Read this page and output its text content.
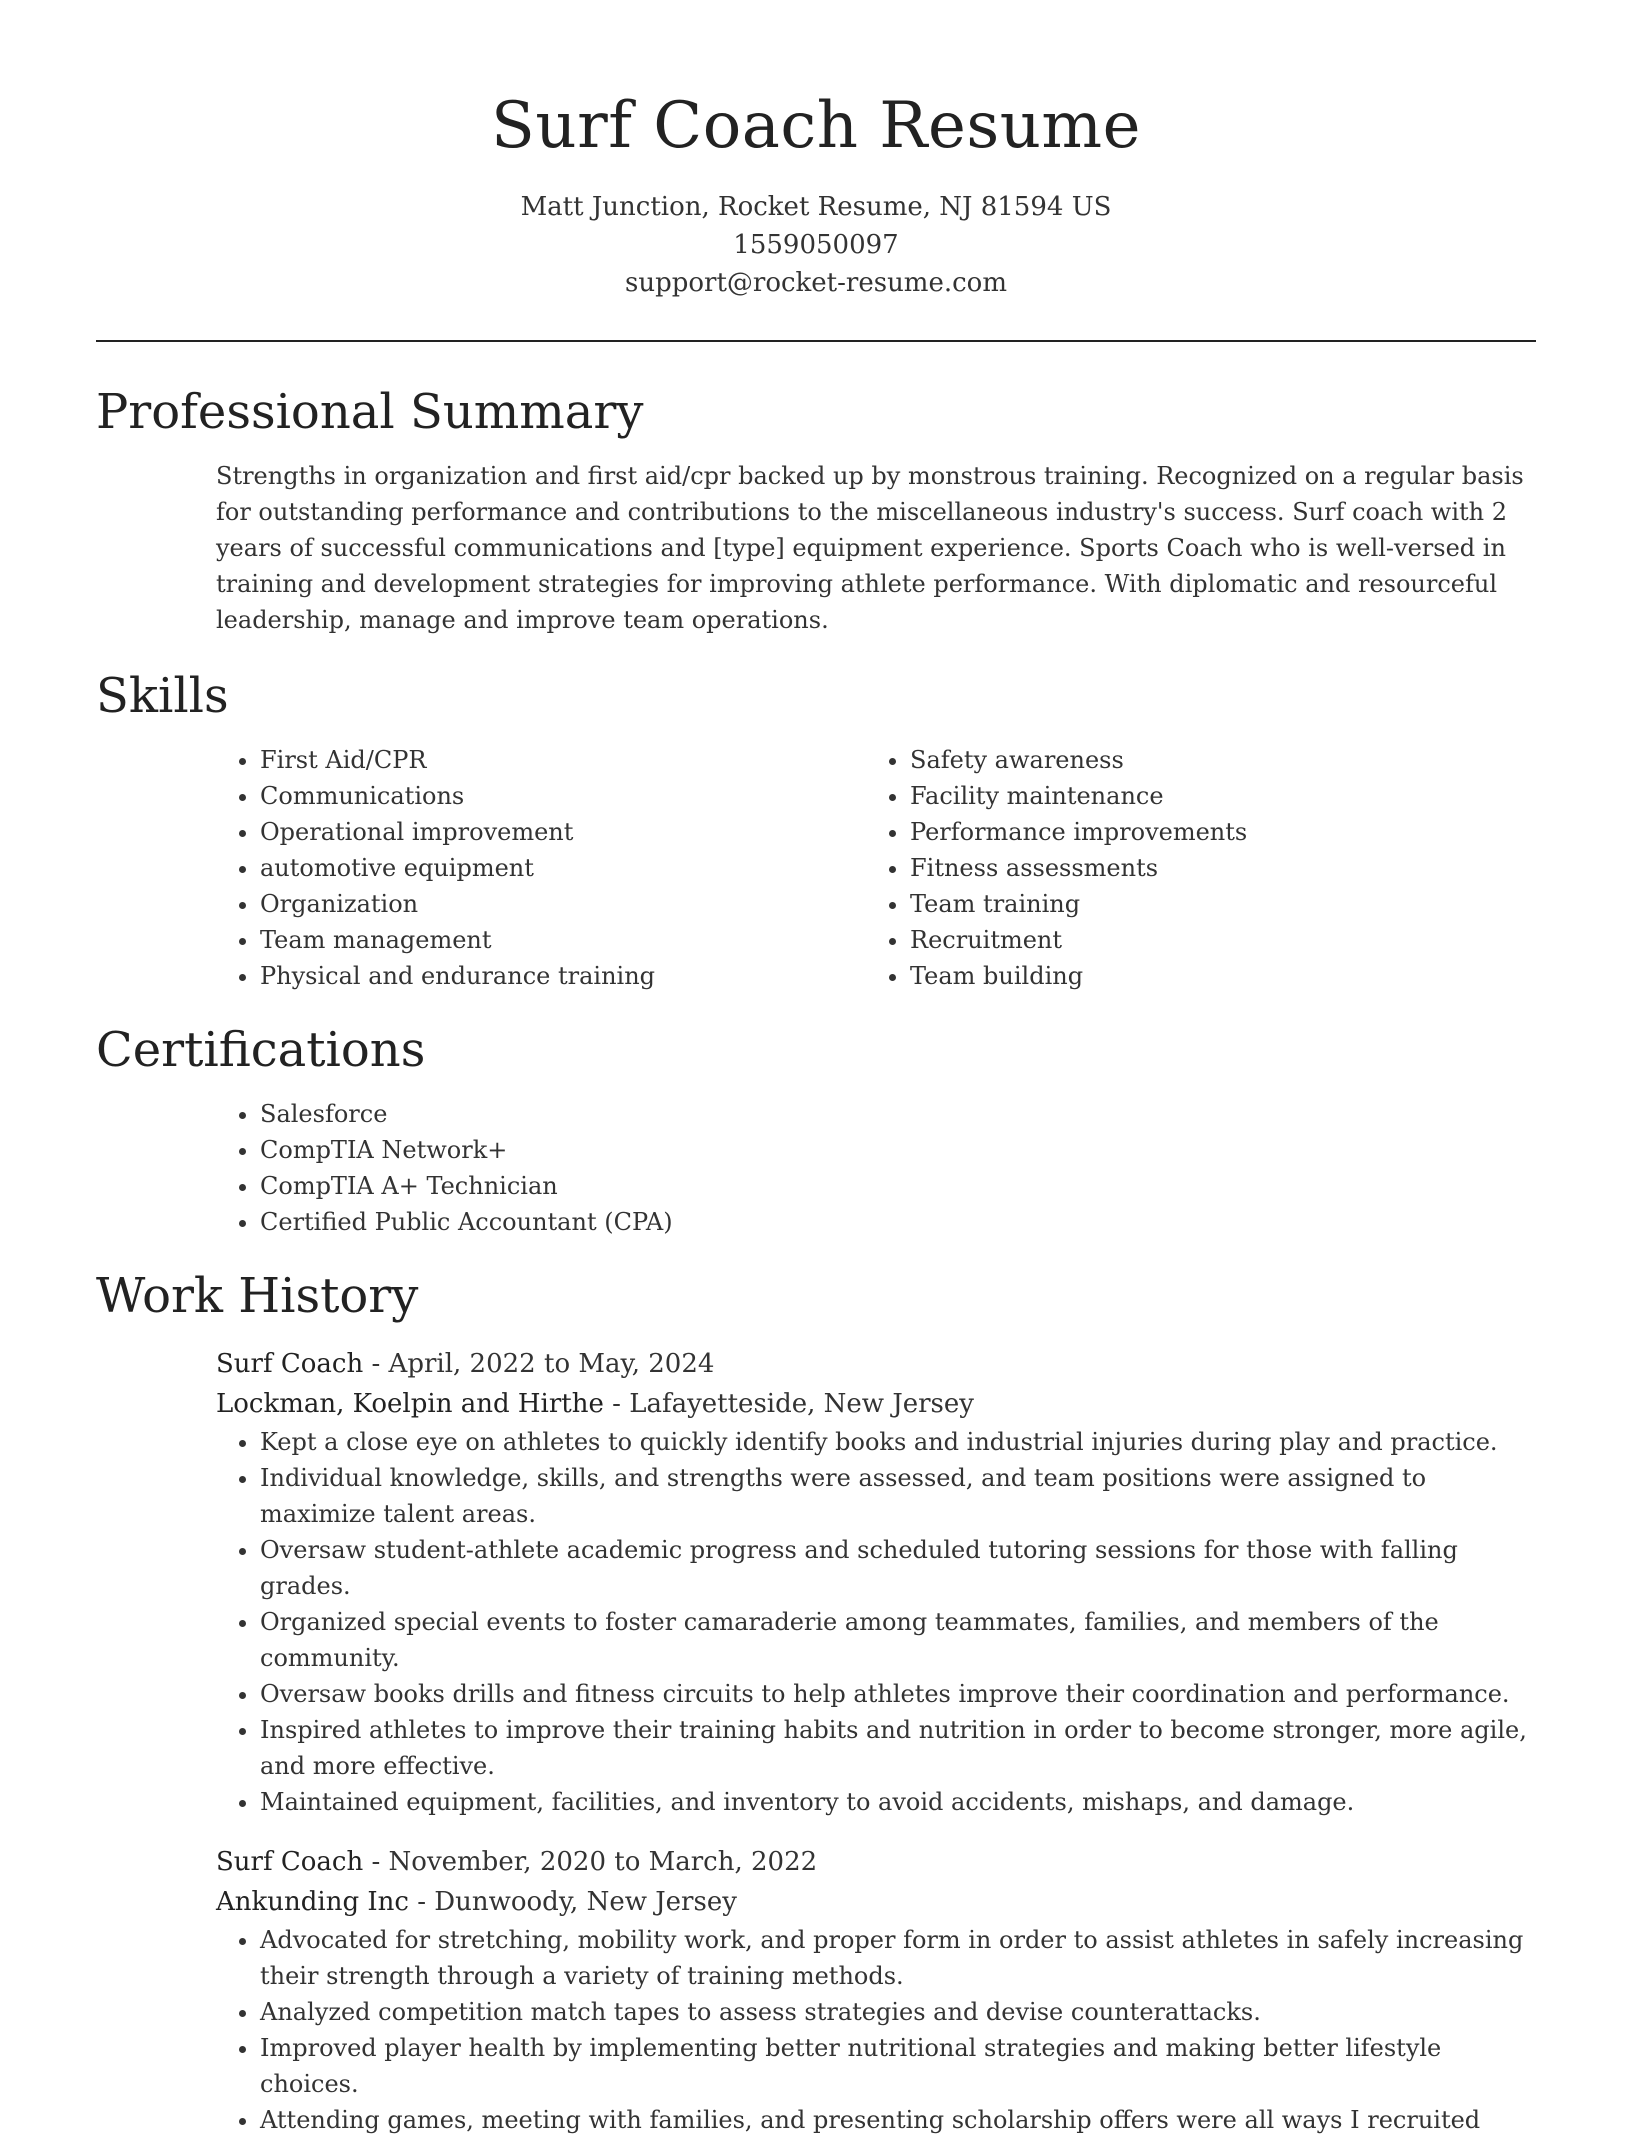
Surf Coach Resume

Matt Junction, Rocket Resume, NJ 81594 US

1559050097

support@rocket-resume.com

Professional Summary

Strengths in organization and first aid/cpr backed up by monstrous training. Recognized on a regular basis for outstanding performance and contributions to the miscellaneous industry's success. Surf coach with 2 years of successful communications and [type] equipment experience. Sports Coach who is well-versed in training and development strategies for improving athlete performance. With diplomatic and resourceful leadership, manage and improve team operations.

Skills
• First Aid/CPR
• Communications
• Operational improvement
• automotive equipment
• Organization
• Team management
• Physical and endurance training
• Safety awareness
• Facility maintenance
• Performance improvements
• Fitness assessments
• Team training
• Recruitment
• Team building
Certifications
• Salesforce
• CompTIA Network+
• CompTIA A+ Technician
• Certified Public Accountant (CPA)
Work History

Surf Coach - April, 2022 to May, 2024

Lockman, Koelpin and Hirthe - Lafayetteside, New Jersey

• Kept a close eye on athletes to quickly identify books and industrial injuries during play and practice.
• Individual knowledge, skills, and strengths were assessed, and team positions were assigned to maximize talent areas.
• Oversaw student-athlete academic progress and scheduled tutoring sessions for those with falling grades.
• Organized special events to foster camaraderie among teammates, families, and members of the community.
• Oversaw books drills and fitness circuits to help athletes improve their coordination and performance.
• Inspired athletes to improve their training habits and nutrition in order to become stronger, more agile, and more effective.
• Maintained equipment, facilities, and inventory to avoid accidents, mishaps, and damage.

Surf Coach - November, 2020 to March, 2022

Ankunding Inc - Dunwoody, New Jersey

• Advocated for stretching, mobility work, and proper form in order to assist athletes in safely increasing their strength through a variety of training methods.
• Analyzed competition match tapes to assess strategies and devise counterattacks.
• Improved player health by implementing better nutritional strategies and making better lifestyle choices.
• Attending games, meeting with families, and presenting scholarship offers were all ways I recruited
